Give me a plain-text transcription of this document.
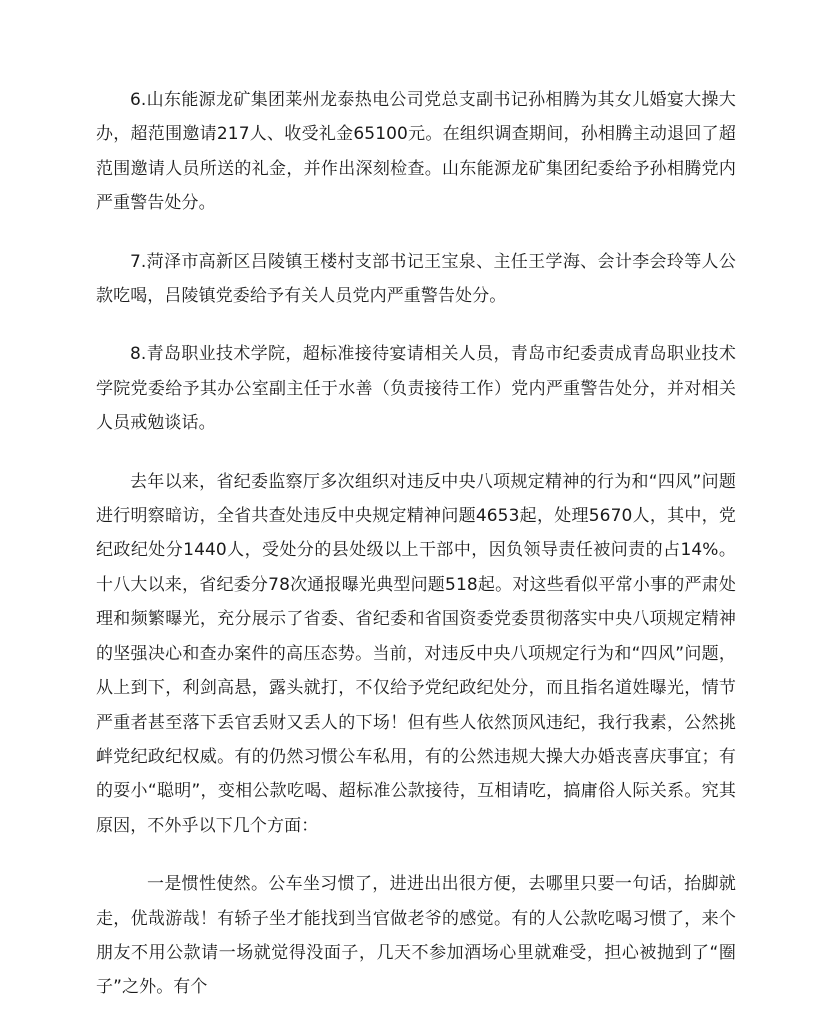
6.山东能源龙矿集团莱州龙泰热电公司党总支副书记孙相腾为其女儿婚宴大操大办，超范围邀请217人、收受礼金65100元。在组织调查期间，孙相腾主动退回了超范围邀请人员所送的礼金，并作出深刻检查。山东能源龙矿集团纪委给予孙相腾党内严重警告处分。

7.菏泽市高新区吕陵镇王楼村支部书记王宝泉、主任王学海、会计李会玲等人公款吃喝，吕陵镇党委给予有关人员党内严重警告处分。

8.青岛职业技术学院，超标准接待宴请相关人员，青岛市纪委责成青岛职业技术学院党委给予其办公室副主任于水善（负责接待工作）党内严重警告处分，并对相关人员戒勉谈话。

去年以来，省纪委监察厅多次组织对违反中央八项规定精神的行为和“四风”问题进行明察暗访，全省共查处违反中央规定精神问题4653起，处理5670人，其中，党纪政纪处分1440人，受处分的县处级以上干部中，因负领导责任被问责的占14%。十八大以来，省纪委分78次通报曝光典型问题518起。对这些看似平常小事的严肃处理和频繁曝光，充分展示了省委、省纪委和省国资委党委贯彻落实中央八项规定精神的坚强决心和查办案件的高压态势。当前，对违反中央八项规定行为和“四风”问题，从上到下，利剑高悬，露头就打，不仅给予党纪政纪处分，而且指名道姓曝光，情节严重者甚至落下丢官丢财又丢人的下场！但有些人依然顶风违纪，我行我素，公然挑衅党纪政纪权威。有的仍然习惯公车私用，有的公然违规大操大办婚丧喜庆事宜；有的耍小“聪明”，变相公款吃喝、超标准公款接待，互相请吃，搞庸俗人际关系。究其原因，不外乎以下几个方面：

一是惯性使然。公车坐习惯了，进进出出很方便，去哪里只要一句话，抬脚就走，优哉游哉！有轿子坐才能找到当官做老爷的感觉。有的人公款吃喝习惯了，来个朋友不用公款请一场就觉得没面子，几天不参加酒场心里就难受，担心被抛到了“圈子”之外。有个
